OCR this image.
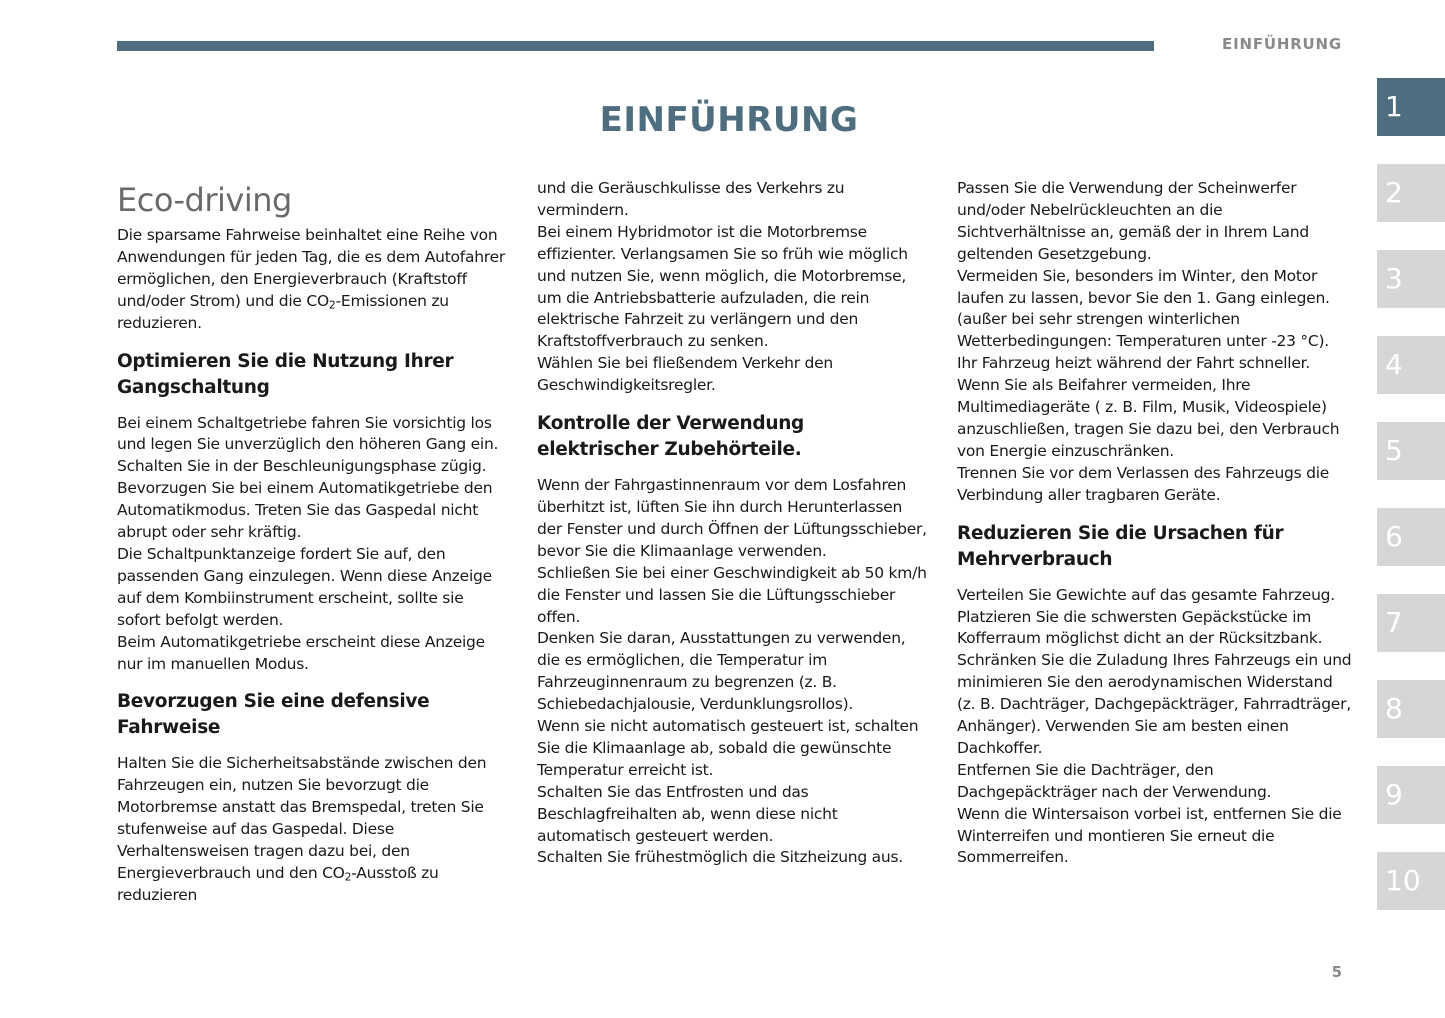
EINFÜHRUNG
EINFÜHRUNG
Eco-driving

Die sparsame Fahrweise beinhaltet eine Reihe von Anwendungen für jeden Tag, die es dem Autofahrer ermöglichen, den Energieverbrauch (Kraftstoff und/oder Strom) und die $CO_2$-Emissionen zu reduzieren.

Optimieren Sie die Nutzung Ihrer Gangschaltung

Bei einem Schaltgetriebe fahren Sie vorsichtig los und legen Sie unverzüglich den höheren Gang ein. Schalten Sie in der Beschleunigungsphase zügig.

Bevorzugen Sie bei einem Automatikgetriebe den Automatikmodus. Treten Sie das Gaspedal nicht abrupt oder sehr kräftig.

Die Schaltpunktanzeige fordert Sie auf, den passenden Gang einzulegen. Wenn diese Anzeige auf dem Kombiinstrument erscheint, sollte sie sofort befolgt werden.

Beim Automatikgetriebe erscheint diese Anzeige nur im manuellen Modus.

Bevorzugen Sie eine defensive Fahrweise

Halten Sie die Sicherheitsabstände zwischen den Fahrzeugen ein, nutzen Sie bevorzugt die Motorbremse anstatt das Bremspedal, treten Sie stufenweise auf das Gaspedal. Diese Verhaltensweisen tragen dazu bei, den Energieverbrauch und den $CO_2$-Ausstoß zu reduzieren

und die Geräuschkulisse des Verkehrs zu vermindern.

Bei einem Hybridmotor ist die Motorbremse effizienter. Verlangsamen Sie so früh wie möglich und nutzen Sie, wenn möglich, die Motorbremse, um die Antriebsbatterie aufzuladen, die rein elektrische Fahrzeit zu verlängern und den Kraftstoffverbrauch zu senken.

Wählen Sie bei fließendem Verkehr den Geschwindigkeitsregler.

Kontrolle der Verwendung elektrischer Zubehörteile.

Wenn der Fahrgastinnenraum vor dem Losfahren überhitzt ist, lüften Sie ihn durch Herunterlassen der Fenster und durch Öffnen der Lüftungsschieber, bevor Sie die Klimaanlage verwenden.

Schließen Sie bei einer Geschwindigkeit ab 50 km/h die Fenster und lassen Sie die Lüftungsschieber offen.

Denken Sie daran, Ausstattungen zu verwenden, die es ermöglichen, die Temperatur im Fahrzeuginnenraum zu begrenzen (z. B. Schiebedachjalousie, Verdunklungsrollos).

Wenn sie nicht automatisch gesteuert ist, schalten Sie die Klimaanlage ab, sobald die gewünschte Temperatur erreicht ist.

Schalten Sie das Entfrosten und das Beschlagfreihalten ab, wenn diese nicht automatisch gesteuert werden.

Schalten Sie frühestmöglich die Sitzheizung aus.

Passen Sie die Verwendung der Scheinwerfer und/oder Nebelrückleuchten an die Sichtverhältnisse an, gemäß der in Ihrem Land geltenden Gesetzgebung.

Vermeiden Sie, besonders im Winter, den Motor laufen zu lassen, bevor Sie den 1. Gang einlegen.(außer bei sehr strengen winterlichen Wetterbedingungen: Temperaturen unter -23 °C).

Ihr Fahrzeug heizt während der Fahrt schneller.

Wenn Sie als Beifahrer vermeiden, Ihre Multimediageräte ( z. B. Film, Musik, Videospiele) anzuschließen, tragen Sie dazu bei, den Verbrauch von Energie einzuschränken.

Trennen Sie vor dem Verlassen des Fahrzeugs die Verbindung aller tragbaren Geräte.

Reduzieren Sie die Ursachen für Mehrverbrauch

Verteilen Sie Gewichte auf das gesamte Fahrzeug. Platzieren Sie die schwersten Gepäckstücke im Kofferraum möglichst dicht an der Rücksitzbank.

Schränken Sie die Zuladung Ihres Fahrzeugs ein und minimieren Sie den aerodynamischen Widerstand (z. B. Dachträger, Dachgepäckträger, Fahrradträger, Anhänger). Verwenden Sie am besten einen Dachkoffer.

Entfernen Sie die Dachträger, den Dachgepäckträger nach der Verwendung.

Wenn die Wintersaison vorbei ist, entfernen Sie die Winterreifen und montieren Sie erneut die Sommerreifen.

1
2
3
4
5
6
7
8
9
10
5
